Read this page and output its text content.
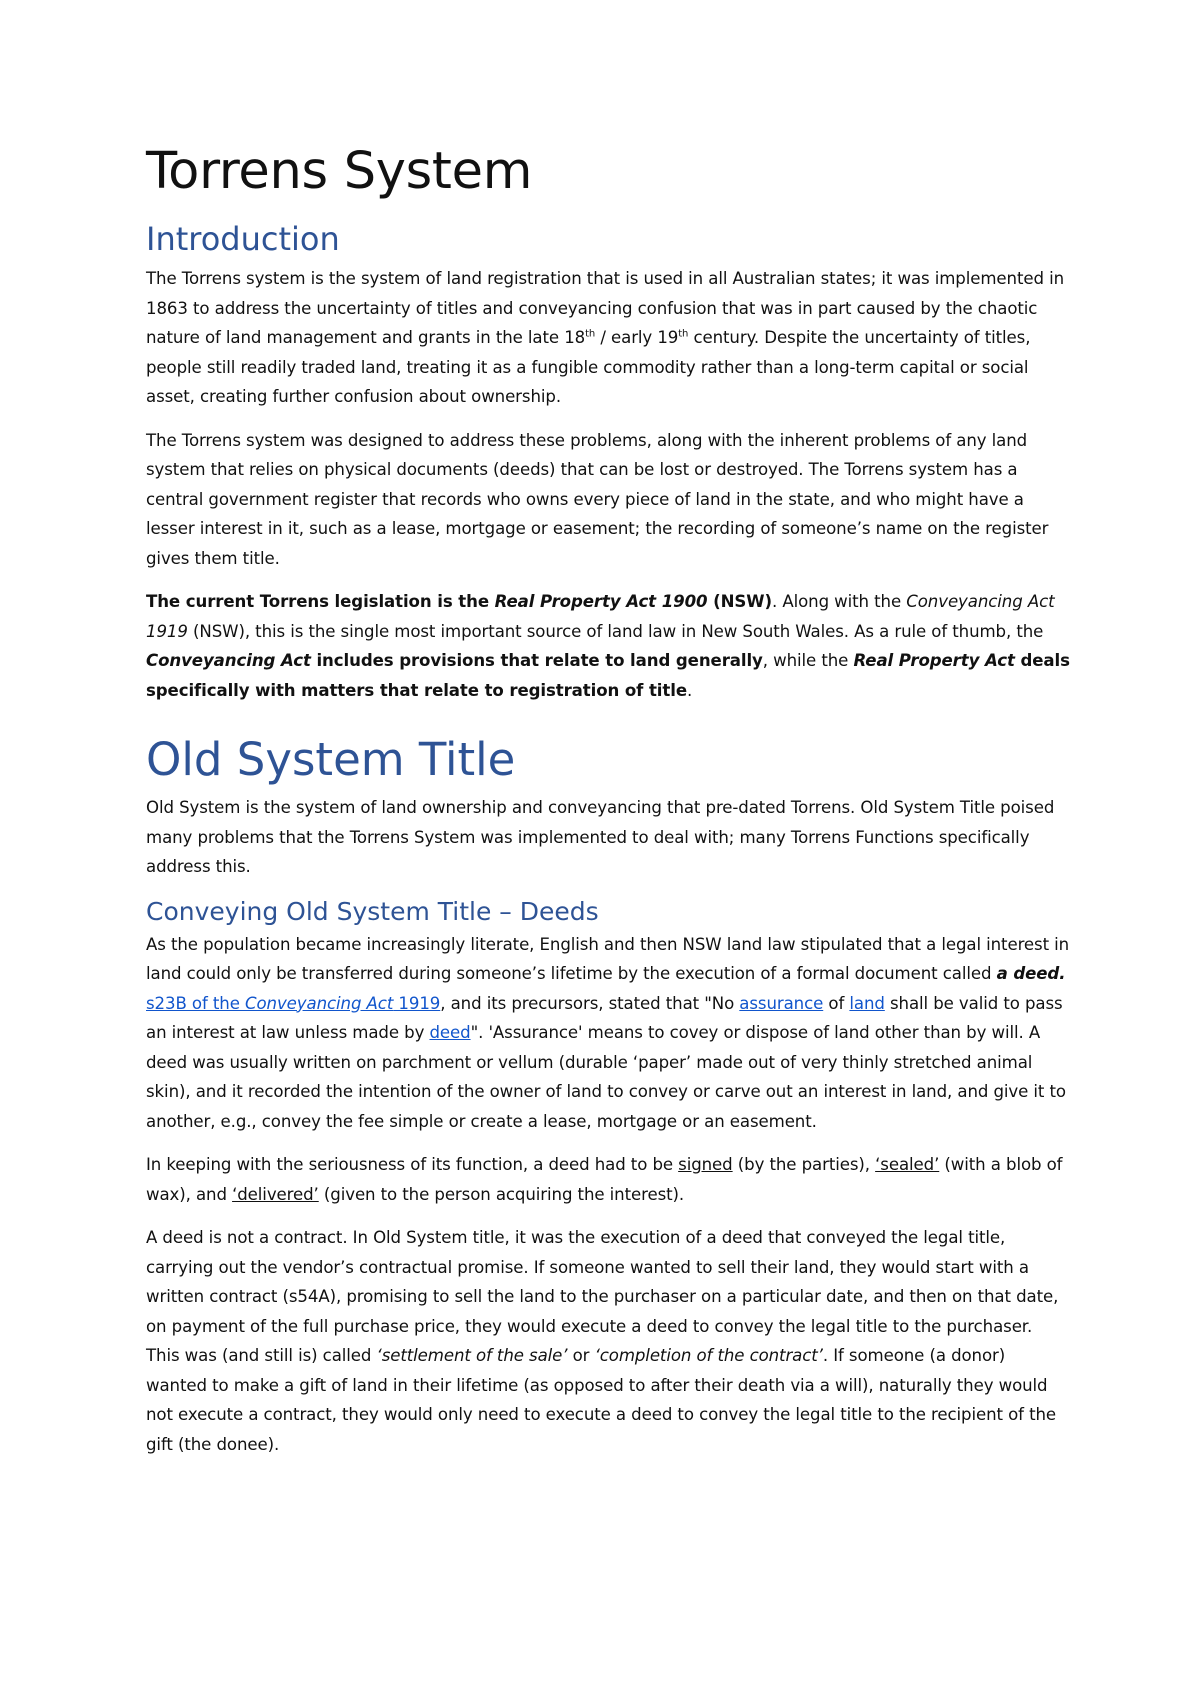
Torrens System
Introduction

The Torrens system is the system of land registration that is used in all Australian states; it was implemented in 1863 to address the uncertainty of titles and conveyancing confusion that was in part caused by the chaotic nature of land management and grants in the late 18th / early 19th century. Despite the uncertainty of titles, people still readily traded land, treating it as a fungible commodity rather than a long-term capital or social asset, creating further confusion about ownership.

The Torrens system was designed to address these problems, along with the inherent problems of any land system that relies on physical documents (deeds) that can be lost or destroyed. The Torrens system has a central government register that records who owns every piece of land in the state, and who might have a lesser interest in it, such as a lease, mortgage or easement; the recording of someone’s name on the register gives them title.

The current Torrens legislation is the Real Property Act 1900 (NSW). Along with the Conveyancing Act 1919 (NSW), this is the single most important source of land law in New South Wales. As a rule of thumb, the Conveyancing Act includes provisions that relate to land generally, while the Real Property Act deals specifically with matters that relate to registration of title.

Old System Title

Old System is the system of land ownership and conveyancing that pre-dated Torrens. Old System Title poised many problems that the Torrens System was implemented to deal with; many Torrens Functions specifically address this.

Conveying Old System Title – Deeds

As the population became increasingly literate, English and then NSW land law stipulated that a legal interest in land could only be transferred during someone’s lifetime by the execution of a formal document called a deed. s23B of the Conveyancing Act 1919, and its precursors, stated that "No assurance of land shall be valid to pass an interest at law unless made by deed". 'Assurance' means to covey or dispose of land other than by will. A deed was usually written on parchment or vellum (durable ‘paper’ made out of very thinly stretched animal skin), and it recorded the intention of the owner of land to convey or carve out an interest in land, and give it to another, e.g., convey the fee simple or create a lease, mortgage or an easement.

In keeping with the seriousness of its function, a deed had to be signed (by the parties), ‘sealed’ (with a blob of wax), and ‘delivered’ (given to the person acquiring the interest).

A deed is not a contract. In Old System title, it was the execution of a deed that conveyed the legal title, carrying out the vendor’s contractual promise. If someone wanted to sell their land, they would start with a written contract (s54A), promising to sell the land to the purchaser on a particular date, and then on that date, on payment of the full purchase price, they would execute a deed to convey the legal title to the purchaser. This was (and still is) called ‘settlement of the sale’ or ‘completion of the contract’. If someone (a donor) wanted to make a gift of land in their lifetime (as opposed to after their death via a will), naturally they would not execute a contract, they would only need to execute a deed to convey the legal title to the recipient of the gift (the donee).
